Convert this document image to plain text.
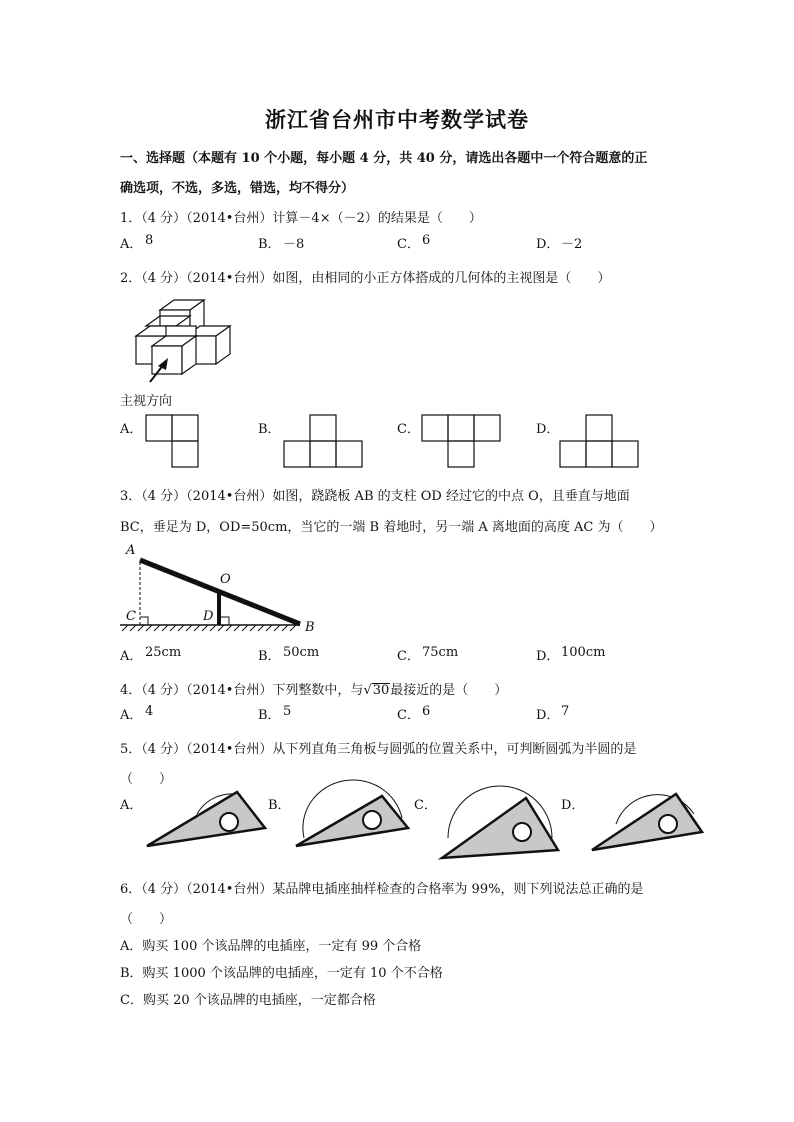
浙江省台州市中考数学试卷
一、选择题（本题有 10 个小题，每小题 4 分，共 40 分，请选出各题中一个符合题意的正
确选项，不选，多选，错选，均不得分）
1．（4 分）（2014•台州）计算－4×（－2）的结果是（　　）
A． 8	B． －8	C． 6	D． －2
2．（4 分）（2014•台州）如图，由相同的小正方体搭成的几何体的主视图是（　　）
主视方向
A．	B．	C．	D．
3．（4 分）（2014•台州）如图，跷跷板 AB 的支柱 OD 经过它的中点 O，且垂直与地面
BC，垂足为 D，OD=50cm，当它的一端 B 着地时，另一端 A 离地面的高度 AC 为（　　）
A
O
C	D
B
A． 25cm	B． 50cm	C． 75cm	D． 100cm
4．（4 分）（2014•台州）下列整数中，与√30最接近的是（　　）
A． 4	B． 5	C． 6	D． 7
5．（4 分）（2014•台州）从下列直角三角板与圆弧的位置关系中，可判断圆弧为半圆的是
（　　）
A．	B．	C．	D．
6．（4 分）（2014•台州）某品牌电插座抽样检查的合格率为 99%，则下列说法总正确的是
（　　）
A．购买 100 个该品牌的电插座，一定有 99 个合格
B．购买 1000 个该品牌的电插座，一定有 10 个不合格
C．购买 20 个该品牌的电插座，一定都合格
